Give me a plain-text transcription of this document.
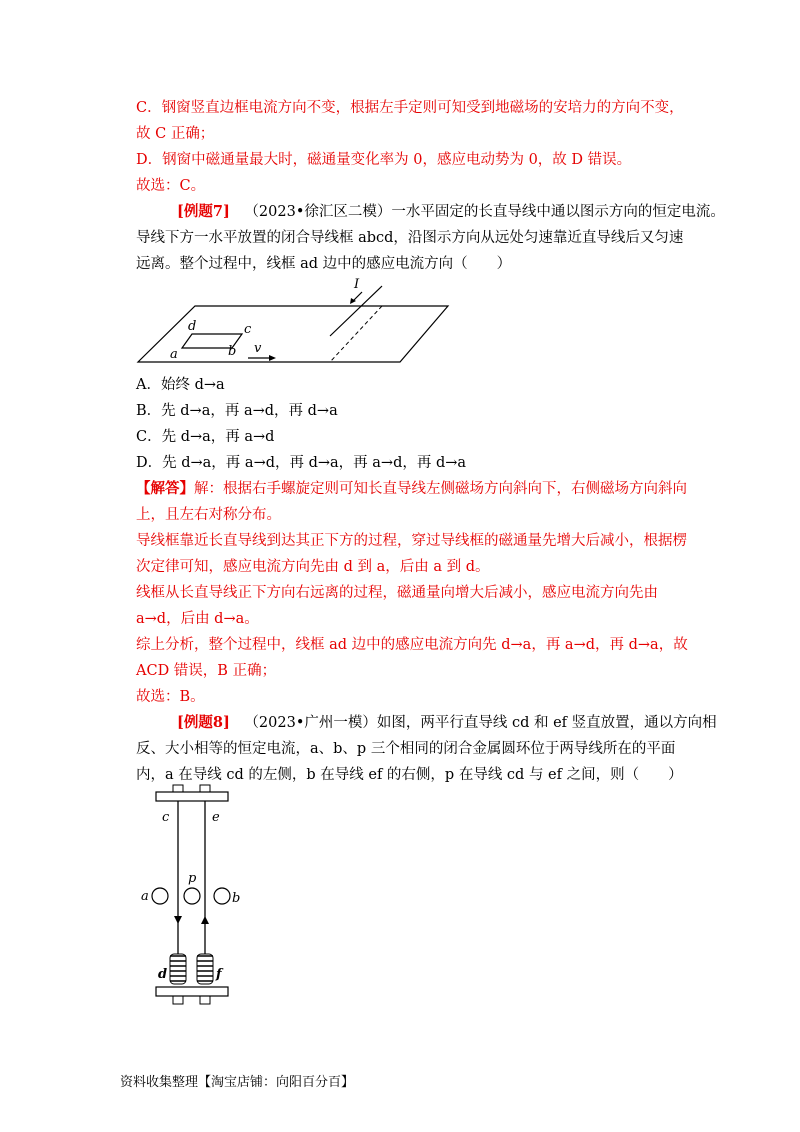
C．钢窗竖直边框电流方向不变，根据左手定则可知受到地磁场的安培力的方向不变，
故 C 正确；
D．钢窗中磁通量最大时，磁通量变化率为 0，感应电动势为 0，故 D 错误。
故选：C。
[例题7] （2023•徐汇区二模）一水平固定的长直导线中通以图示方向的恒定电流。
导线下方一水平放置的闭合导线框 abcd，沿图示方向从远处匀速靠近直导线后又匀速
远离。整个过程中，线框 ad 边中的感应电流方向（　　）
I
v
a	b
c
d
A．始终 d→a
B．先 d→a，再 a→d，再 d→a
C．先 d→a，再 a→d
D．先 d→a，再 a→d，再 d→a，再 a→d，再 d→a
【解答】解：根据右手螺旋定则可知长直导线左侧磁场方向斜向下，右侧磁场方向斜向
上，且左右对称分布。
导线框靠近长直导线到达其正下方的过程，穿过导线框的磁通量先增大后减小，根据楞
次定律可知，感应电流方向先由 d 到 a，后由 a 到 d。
线框从长直导线正下方向右远离的过程，磁通量向增大后减小，感应电流方向先由
a→d，后由 d→a。
综上分析，整个过程中，线框 ad 边中的感应电流方向先 d→a，再 a→d，再 d→a，故
ACD 错误，B 正确；
故选：B。
[例题8] （2023•广州一模）如图，两平行直导线 cd 和 ef 竖直放置，通以方向相
反、大小相等的恒定电流，a、b、p 三个相同的闭合金属圆环位于两导线所在的平面
内，a 在导线 cd 的左侧，b 在导线 ef 的右侧，p 在导线 cd 与 ef 之间，则（　　）
c	e
p
a	b
d	f
资料收集整理【淘宝店铺：向阳百分百】
